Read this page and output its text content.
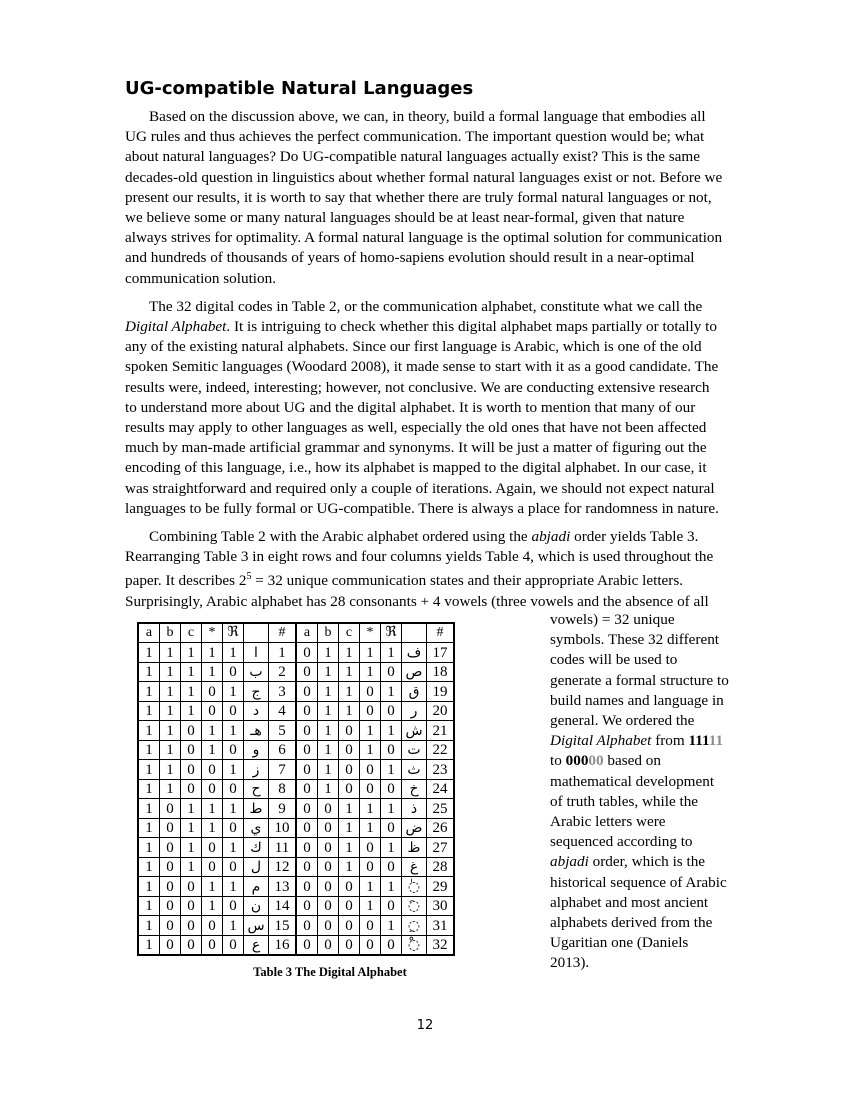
UG-compatible Natural Languages

Based on the discussion above, we can, in theory, build a formal language that embodies all UG rules and thus achieves the perfect communication. The important question would be; what about natural languages? Do UG-compatible natural languages actually exist? This is the same decades-old question in linguistics about whether formal natural languages exist or not. Before we present our results, it is worth to say that whether there are truly formal natural languages or not, we believe some or many natural languages should be at least near-formal, given that nature always strives for optimality. A formal natural language is the optimal solution for communication and hundreds of thousands of years of homo-sapiens evolution should result in a near-optimal communication solution.

The 32 digital codes in Table 2, or the communication alphabet, constitute what we call the Digital Alphabet. It is intriguing to check whether this digital alphabet maps partially or totally to any of the existing natural alphabets. Since our first language is Arabic, which is one of the old spoken Semitic languages (Woodard 2008), it made sense to start with it as a good candidate. The results were, indeed, interesting; however, not conclusive. We are conducting extensive research to understand more about UG and the digital alphabet. It is worth to mention that many of our results may apply to other languages as well, especially the old ones that have not been affected much by man-made artificial grammar and synonyms. It will be just a matter of figuring out the encoding of this language, i.e., how its alphabet is mapped to the digital alphabet. In our case, it was straightforward and required only a couple of iterations. Again, we should not expect natural languages to be fully formal or UG-compatible. There is always a place for randomness in nature.

Combining Table 2 with the Arabic alphabet ordered using the abjadi order yields Table 3. Rearranging Table 3 in eight rows and four columns yields Table 4, which is used throughout the paper. It describes $2^5 = 32$ unique communication states and their appropriate Arabic letters. Surprisingly, Arabic alphabet has 28 consonants + 4 vowels (three vowels and the absence of all

a	b	c	*	ℜ		#	a	b	c	*	ℜ		#
1	1	1	1	1	ا	1	0	1	1	1	1	ف	17
1	1	1	1	0	ب	2	0	1	1	1	0	ص	18
1	1	1	0	1	ج	3	0	1	1	0	1	ق	19
1	1	1	0	0	د	4	0	1	1	0	0	ر	20
1	1	0	1	1	هـ	5	0	1	0	1	1	ش	21
1	1	0	1	0	و	6	0	1	0	1	0	ت	22
1	1	0	0	1	ز	7	0	1	0	0	1	ث	23
1	1	0	0	0	ح	8	0	1	0	0	0	خ	24
1	0	1	1	1	ط	9	0	0	1	1	1	ذ	25
1	0	1	1	0	ي	10	0	0	1	1	0	ض	26
1	0	1	0	1	ك	11	0	0	1	0	1	ظ	27
1	0	1	0	0	ل	12	0	0	1	0	0	غ	28
1	0	0	1	1	م	13	0	0	0	1	1	◌ٰ	29
1	0	0	1	0	ن	14	0	0	0	1	0	◌َ	30
1	0	0	0	1	س	15	0	0	0	0	1	◌ِ	31
1	0	0	0	0	ع	16	0	0	0	0	0	◌ْ	32
Table 3 The Digital Alphabet
vowels) = 32 unique symbols. These 32 different codes will be used to generate a formal structure to build names and language in general. We ordered the Digital Alphabet from 11111 to 00000 based on mathematical development of truth tables, while the Arabic letters were sequenced according to abjadi order, which is the historical sequence of Arabic alphabet and most ancient alphabets derived from the Ugaritian one (Daniels 2013).
12
